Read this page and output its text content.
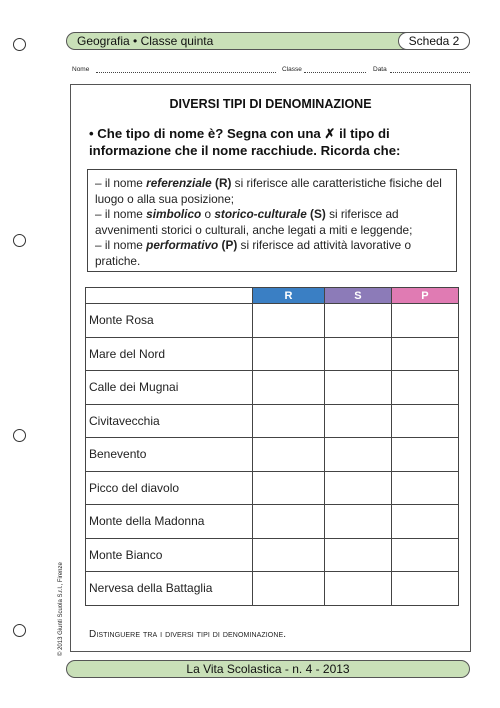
Geografia • Classe quinta	Scheda 2
Nome	Classe	Data
DIVERSI TIPI DI DENOMINAZIONE
• Che tipo di nome è? Segna con una ✗ il tipo di informazione che il nome racchiude. Ricorda che:
– il nome referenziale (R) si riferisce alle caratteristiche fisiche del luogo o alla sua posizione;
– il nome simbolico o storico-culturale (S) si riferisce ad avvenimenti storici o culturali, anche legati a miti e leggende;
– il nome performativo (P) si riferisce ad attività lavorative o pratiche.
	R	S	P
Monte Rosa			
Mare del Nord			
Calle dei Mugnai			
Civitavecchia			
Benevento			
Picco del diavolo			
Monte della Madonna			
Monte Bianco			
Nervesa della Battaglia			
Distinguere tra i diversi tipi di denominazione.
© 2013 Giunti Scuola S.r.l., Firenze
La Vita Scolastica - n. 4 - 2013
